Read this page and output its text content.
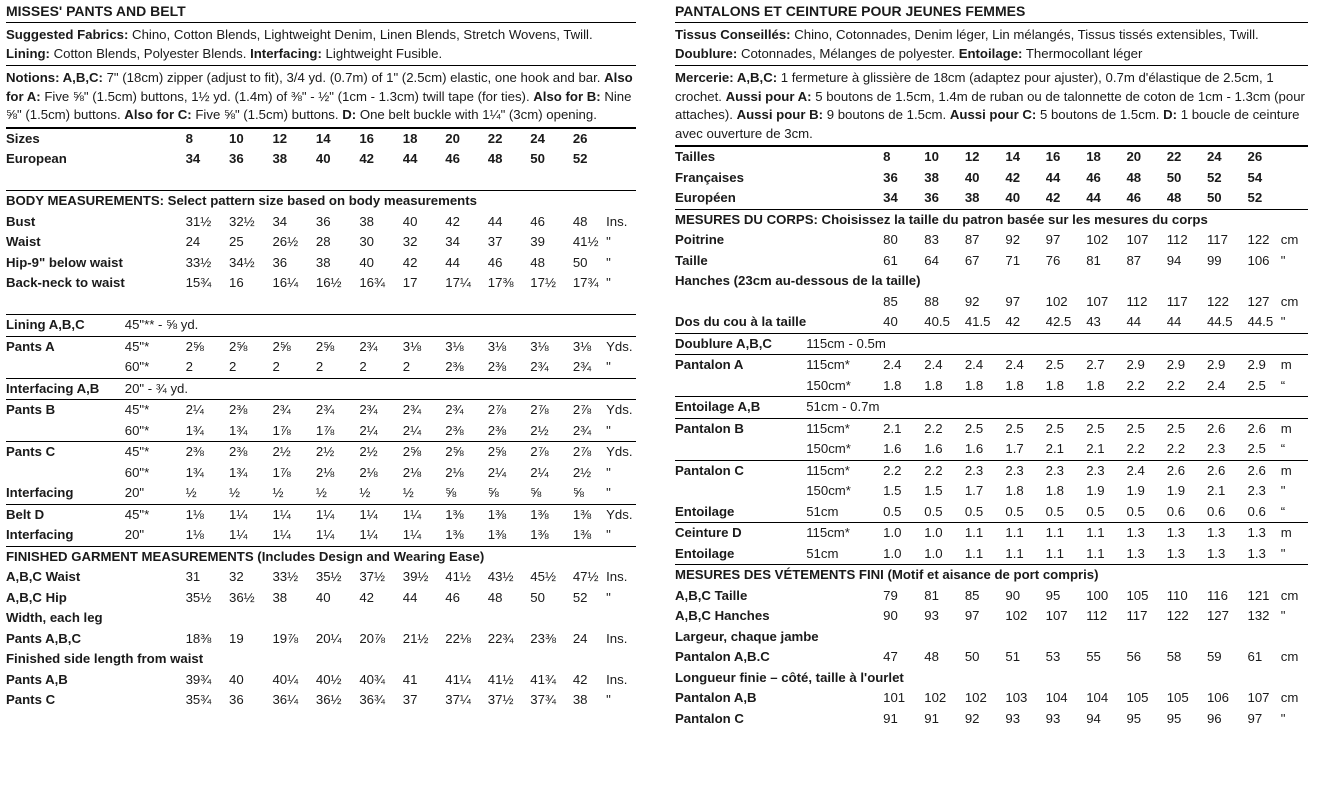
MISSES' PANTS AND BELT
Suggested Fabrics: Chino, Cotton Blends, Lightweight Denim, Linen Blends, Stretch Wovens, Twill. Lining: Cotton Blends, Polyester Blends. Interfacing: Lightweight Fusible.
Notions: A,B,C: 7" (18cm) zipper (adjust to fit), 3/4 yd. (0.7m) of 1" (2.5cm) elastic, one hook and bar. Also for A: Five ⅝" (1.5cm) buttons, 1½ yd. (1.4m) of ⅜" - ½" (1cm - 1.3cm) twill tape (for ties). Also for B: Nine ⅝" (1.5cm) buttons. Also for C: Five ⅝" (1.5cm) buttons. D: One belt buckle with 1¼" (3cm) opening.
Sizes		8	10	12	14	16	18	20	22	24	26	
European		34	36	38	40	42	44	46	48	50	52	

BODY MEASUREMENTS: Select pattern size based on body measurements												
Bust		31½	32½	34	36	38	40	42	44	46	48	Ins.
Waist		24	25	26½	28	30	32	34	37	39	41½	"
Hip-9" below waist		33½	34½	36	38	40	42	44	46	48	50	"
Back-neck to waist		15¾	16	16¼	16½	16¾	17	17¼	17⅜	17½	17¾	"

Lining A,B,C	45"** - ⅝ yd.											
Pants A	45"*	2⅝	2⅝	2⅝	2⅝	2¾	3⅛	3⅛	3⅛	3⅛	3⅛	Yds.
	60"*	2	2	2	2	2	2	2⅜	2⅜	2¾	2¾	"
Interfacing A,B	20" - ¾ yd.											
Pants B	45"*	2¼	2⅜	2¾	2¾	2¾	2¾	2¾	2⅞	2⅞	2⅞	Yds.
	60"*	1¾	1¾	1⅞	1⅞	2¼	2¼	2⅜	2⅜	2½	2¾	"
Pants C	45"*	2⅜	2⅜	2½	2½	2½	2⅝	2⅝	2⅝	2⅞	2⅞	Yds.
	60"*	1¾	1¾	1⅞	2⅛	2⅛	2⅛	2⅛	2¼	2¼	2½	"
Interfacing	20"	½	½	½	½	½	½	⅝	⅝	⅝	⅝	"
Belt D	45"*	1⅛	1¼	1¼	1¼	1¼	1¼	1⅜	1⅜	1⅜	1⅜	Yds.
Interfacing	20"	1⅛	1¼	1¼	1¼	1¼	1¼	1⅜	1⅜	1⅜	1⅜	"
FINISHED GARMENT MEASUREMENTS (Includes Design and Wearing Ease)												
A,B,C Waist		31	32	33½	35½	37½	39½	41½	43½	45½	47½	Ins.
A,B,C Hip		35½	36½	38	40	42	44	46	48	50	52	"
Width, each leg												
Pants A,B,C		18⅜	19	19⅞	20¼	20⅞	21½	22⅛	22¾	23⅜	24	Ins.
Finished side length from waist												
Pants A,B		39¾	40	40¼	40½	40¾	41	41¼	41½	41¾	42	Ins.
Pants C		35¾	36	36¼	36½	36¾	37	37¼	37½	37¾	38	"
PANTALONS ET CEINTURE POUR JEUNES FEMMES
Tissus Conseillés: Chino, Cotonnades, Denim léger, Lin mélangés, Tissus tissés extensibles, Twill. Doublure: Cotonnades, Mélanges de polyester. Entoilage: Thermocollant léger
Mercerie: A,B,C: 1 fermeture à glissière de 18cm (adaptez pour ajuster), 0.7m d'élastique de 2.5cm, 1 crochet. Aussi pour A: 5 boutons de 1.5cm, 1.4m de ruban ou de talonnette de coton de 1cm - 1.3cm (pour attaches). Aussi pour B: 9 boutons de 1.5cm. Aussi pour C: 5 boutons de 1.5cm. D: 1 boucle de ceinture avec ouverture de 3cm.
Tailles		8	10	12	14	16	18	20	22	24	26	
Françaises		36	38	40	42	44	46	48	50	52	54	
Européen		34	36	38	40	42	44	46	48	50	52	
MESURES DU CORPS: Choisissez la taille du patron basée sur les mesures du corps												
Poitrine		80	83	87	92	97	102	107	112	117	122	cm
Taille		61	64	67	71	76	81	87	94	99	106	"
Hanches (23cm au-dessous de la taille)												
		85	88	92	97	102	107	112	117	122	127	cm
Dos du cou à la taille		40	40.5	41.5	42	42.5	43	44	44	44.5	44.5	"
Doublure A,B,C	115cm - 0.5m											
Pantalon A	115cm*	2.4	2.4	2.4	2.4	2.5	2.7	2.9	2.9	2.9	2.9	m
	150cm*	1.8	1.8	1.8	1.8	1.8	1.8	2.2	2.2	2.4	2.5	“
Entoilage A,B	51cm - 0.7m											
Pantalon B	115cm*	2.1	2.2	2.5	2.5	2.5	2.5	2.5	2.5	2.6	2.6	m
	150cm*	1.6	1.6	1.6	1.7	2.1	2.1	2.2	2.2	2.3	2.5	“
Pantalon C	115cm*	2.2	2.2	2.3	2.3	2.3	2.3	2.4	2.6	2.6	2.6	m
	150cm*	1.5	1.5	1.7	1.8	1.8	1.9	1.9	1.9	2.1	2.3	"
Entoilage	51cm	0.5	0.5	0.5	0.5	0.5	0.5	0.5	0.6	0.6	0.6	“
Ceinture D	115cm*	1.0	1.0	1.1	1.1	1.1	1.1	1.3	1.3	1.3	1.3	m
Entoilage	51cm	1.0	1.0	1.1	1.1	1.1	1.1	1.3	1.3	1.3	1.3	"
MESURES DES VÉTEMENTS FINI (Motif et aisance de port compris)												
A,B,C Taille		79	81	85	90	95	100	105	110	116	121	cm
A,B,C Hanches		90	93	97	102	107	112	117	122	127	132	"
Largeur, chaque jambe												
Pantalon A,B.C		47	48	50	51	53	55	56	58	59	61	cm
Longueur finie – côté, taille à l'ourlet												
Pantalon A,B		101	102	102	103	104	104	105	105	106	107	cm
Pantalon C		91	91	92	93	93	94	95	95	96	97	"
